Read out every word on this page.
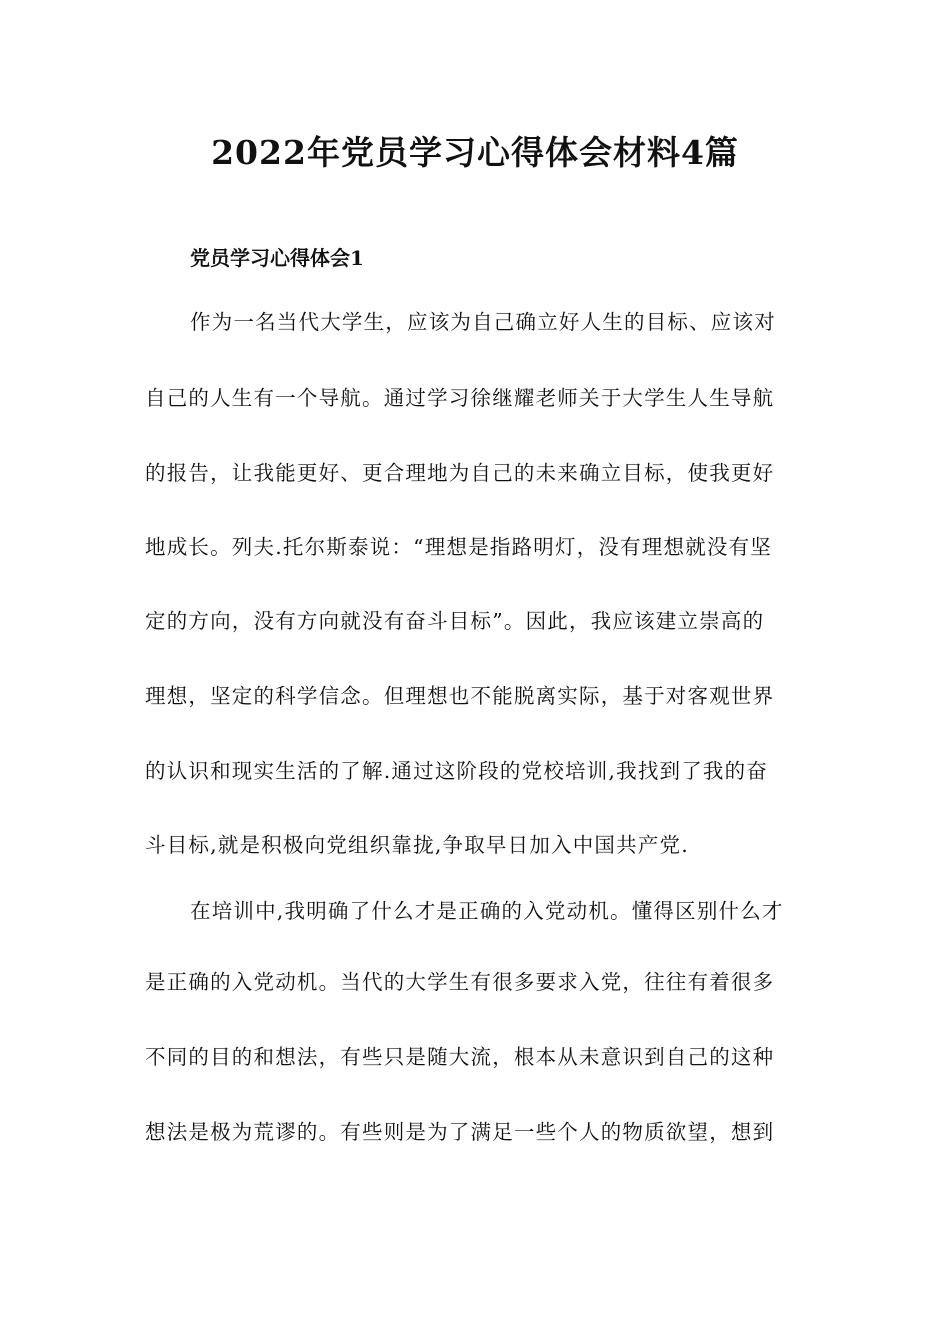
2022年党员学习心得体会材料4篇
党员学习心得体会1

作为一名当代大学生，应该为自己确立好人生的目标、应该对

自己的人生有一个导航。通过学习徐继耀老师关于大学生人生导航

的报告，让我能更好、更合理地为自己的未来确立目标，使我更好

地成长。列夫.托尔斯泰说：“理想是指路明灯，没有理想就没有坚

定的方向，没有方向就没有奋斗目标”。因此，我应该建立崇高的

理想，坚定的科学信念。但理想也不能脱离实际，基于对客观世界

的认识和现实生活的了解.通过这阶段的党校培训,我找到了我的奋

斗目标,就是积极向党组织靠拢,争取早日加入中国共产党.

在培训中,我明确了什么才是正确的入党动机。懂得区别什么才

是正确的入党动机。当代的大学生有很多要求入党，往往有着很多

不同的目的和想法，有些只是随大流，根本从未意识到自己的这种

想法是极为荒谬的。有些则是为了满足一些个人的物质欲望，想到
